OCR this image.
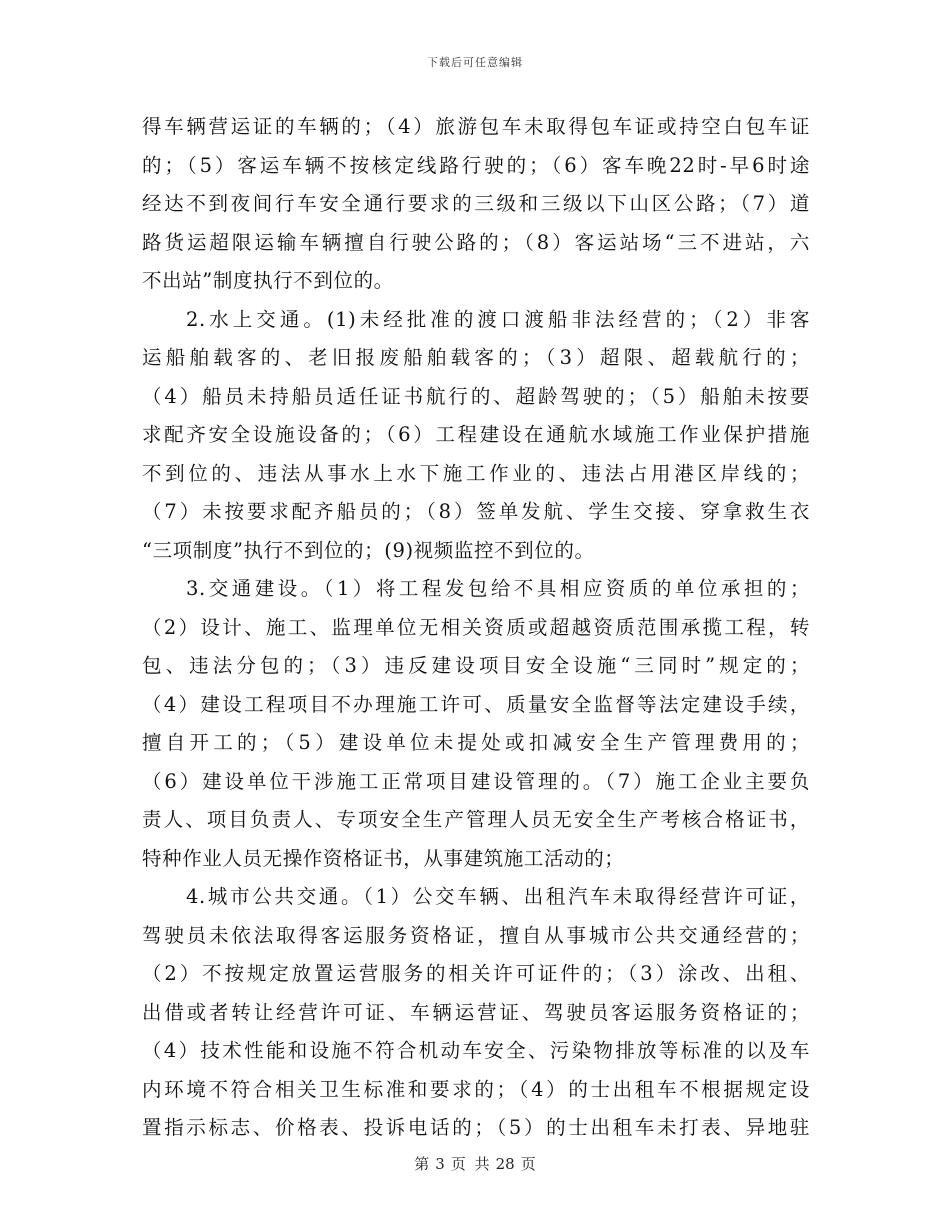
下载后可任意编辑
得车辆营运证的车辆的；（4）旅游包车未取得包车证或持空白包车证
的；（5）客运车辆不按核定线路行驶的；（6）客车晚22时-早6时途
经达不到夜间行车安全通行要求的三级和三级以下山区公路；（7）道
路货运超限运输车辆擅自行驶公路的；（8）客运站场“三不进站，六
不出站”制度执行不到位的。
2.水上交通。(1)未经批准的渡口渡船非法经营的；（2）非客
运船舶载客的、老旧报废船舶载客的；（3）超限、超载航行的；
（4）船员未持船员适任证书航行的、超龄驾驶的；（5）船舶未按要
求配齐安全设施设备的；（6）工程建设在通航水域施工作业保护措施
不到位的、违法从事水上水下施工作业的、违法占用港区岸线的；
（7）未按要求配齐船员的；（8）签单发航、学生交接、穿拿救生衣
“三项制度”执行不到位的；(9)视频监控不到位的。
3.交通建设。（1）将工程发包给不具相应资质的单位承担的；
（2）设计、施工、监理单位无相关资质或超越资质范围承揽工程，转
包、违法分包的；（3）违反建设项目安全设施“三同时”规定的；
（4）建设工程项目不办理施工许可、质量安全监督等法定建设手续，
擅自开工的；（5）建设单位未提处或扣减安全生产管理费用的；
（6）建设单位干涉施工正常项目建设管理的。（7）施工企业主要负
责人、项目负责人、专项安全生产管理人员无安全生产考核合格证书，
特种作业人员无操作资格证书，从事建筑施工活动的；
4.城市公共交通。（1）公交车辆、出租汽车未取得经营许可证，
驾驶员未依法取得客运服务资格证，擅自从事城市公共交通经营的；
（2）不按规定放置运营服务的相关许可证件的；（3）涂改、出租、
出借或者转让经营许可证、车辆运营证、驾驶员客运服务资格证的；
（4）技术性能和设施不符合机动车安全、污染物排放等标准的以及车
内环境不符合相关卫生标准和要求的；（4）的士出租车不根据规定设
置指示标志、价格表、投诉电话的；（5）的士出租车未打表、异地驻
第 3 页 共 28 页
